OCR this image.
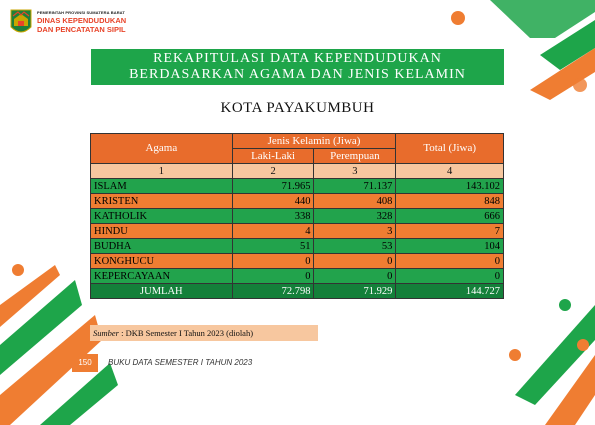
PEMERINTAH PROVINSI SUMATERA BARAT
DINAS KEPENDUDUKAN
DAN PENCATATAN SIPIL
REKAPITULASI DATA KEPENDUDUKAN
BERDASARKAN AGAMA DAN JENIS KELAMIN
KOTA PAYAKUMBUH
Agama	Jenis Kelamin (Jiwa)		Total (Jiwa)
	Laki-Laki	Perempuan	
1	2	3	4
ISLAM	71.965	71.137	143.102
KRISTEN	440	408	848
KATHOLIK	338	328	666
HINDU	4	3	7
BUDHA	51	53	104
KONGHUCU	0	0	0
KEPERCAYAAN	0	0	0
JUMLAH	72.798	71.929	144.727
Sumber : DKB Semester I Tahun 2023 (diolah)
150	BUKU DATA SEMESTER I TAHUN 2023
